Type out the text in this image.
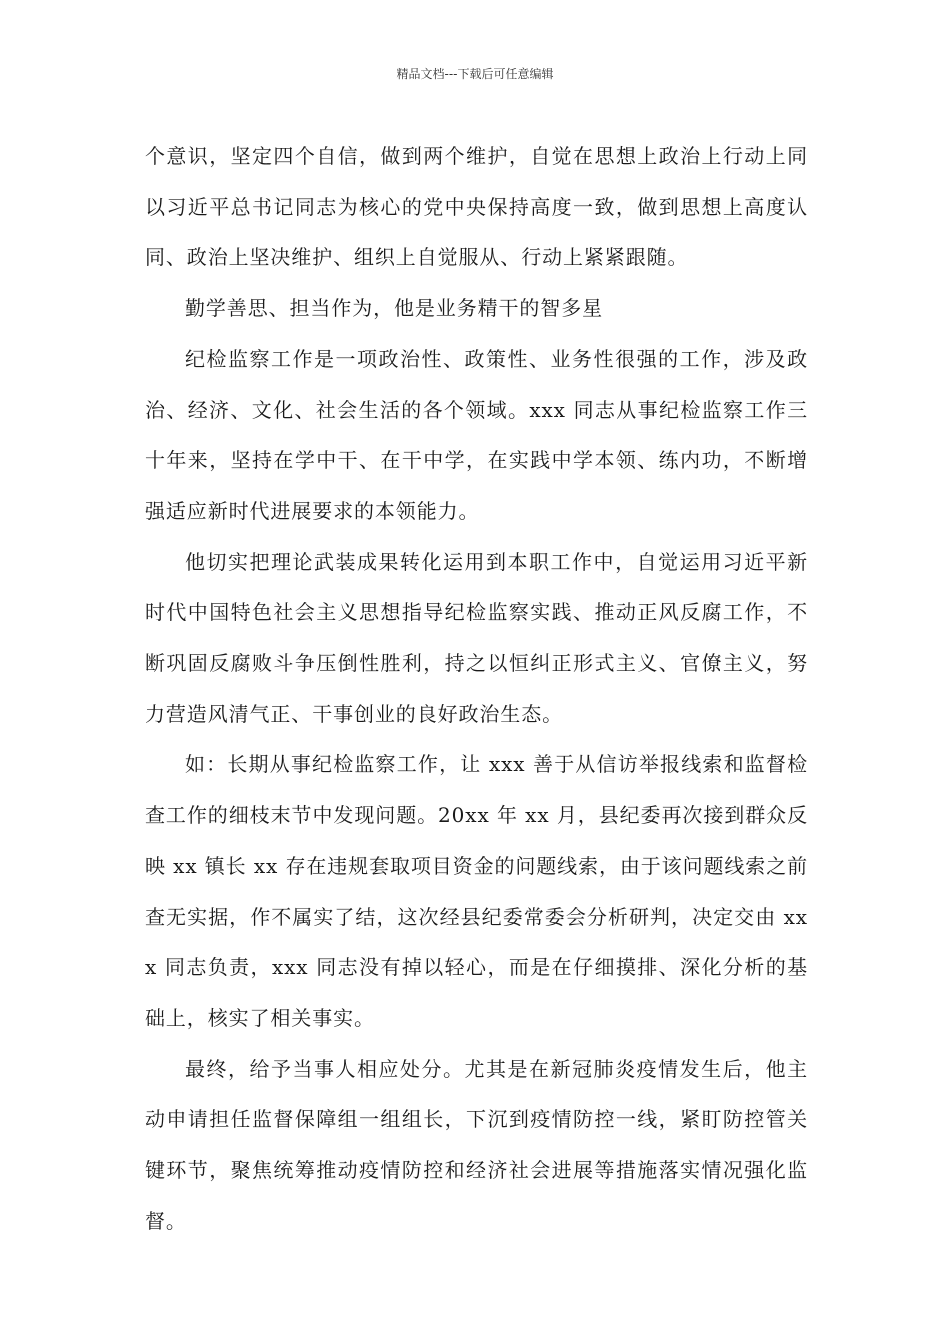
精品文档---下载后可任意编辑

个意识，坚定四个自信，做到两个维护，自觉在思想上政治上行动上同以习近平总书记同志为核心的党中央保持高度一致，做到思想上高度认同、政治上坚决维护、组织上自觉服从、行动上紧紧跟随。

勤学善思、担当作为，他是业务精干的智多星

纪检监察工作是一项政治性、政策性、业务性很强的工作，涉及政治、经济、文化、社会生活的各个领域。xxx 同志从事纪检监察工作三十年来，坚持在学中干、在干中学，在实践中学本领、练内功，不断增强适应新时代进展要求的本领能力。

他切实把理论武装成果转化运用到本职工作中，自觉运用习近平新时代中国特色社会主义思想指导纪检监察实践、推动正风反腐工作，不断巩固反腐败斗争压倒性胜利，持之以恒纠正形式主义、官僚主义，努力营造风清气正、干事创业的良好政治生态。

如：长期从事纪检监察工作，让 xxx 善于从信访举报线索和监督检查工作的细枝末节中发现问题。20xx 年 xx 月，县纪委再次接到群众反映 xx 镇长 xx 存在违规套取项目资金的问题线索，由于该问题线索之前查无实据，作不属实了结，这次经县纪委常委会分析研判，决定交由 xxx 同志负责，xxx 同志没有掉以轻心，而是在仔细摸排、深化分析的基础上，核实了相关事实。

最终，给予当事人相应处分。尤其是在新冠肺炎疫情发生后，他主动申请担任监督保障组一组组长，下沉到疫情防控一线，紧盯防控管关键环节，聚焦统筹推动疫情防控和经济社会进展等措施落实情况强化监督。
